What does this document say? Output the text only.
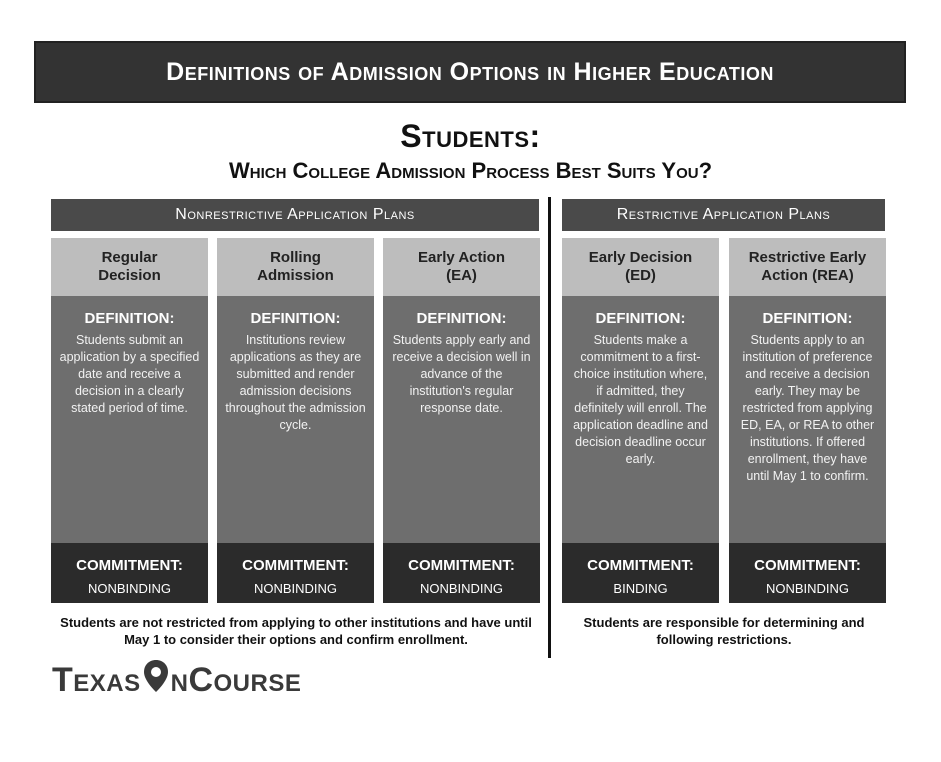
Definitions of Admission Options in Higher Education
Students:
Which College Admission Process Best Suits You?
Nonrestrictive Application Plans	Restrictive Application Plans
Regular Decision
DEFINITION:
Students submit an application by a specified date and receive a decision in a clearly stated period of time.
COMMITMENT:
NONBINDING
Rolling Admission
DEFINITION:
Institutions review applications as they are submitted and render admission decisions throughout the admission cycle.
COMMITMENT:
NONBINDING
Early Action (EA)
DEFINITION:
Students apply early and receive a decision well in advance of the institution's regular response date.
COMMITMENT:
NONBINDING
Early Decision (ED)
DEFINITION:
Students make a commitment to a first-choice institution where, if admitted, they definitely will enroll. The application deadline and decision deadline occur early.
COMMITMENT:
BINDING
Restrictive Early Action (REA)
DEFINITION:
Students apply to an institution of preference and receive a decision early. They may be restricted from applying ED, EA, or REA to other institutions. If offered enrollment, they have until May 1 to confirm.
COMMITMENT:
NONBINDING
Students are not restricted from applying to other institutions and have until May 1 to consider their options and confirm enrollment.
Students are responsible for determining and following restrictions.
Texas nCourse
